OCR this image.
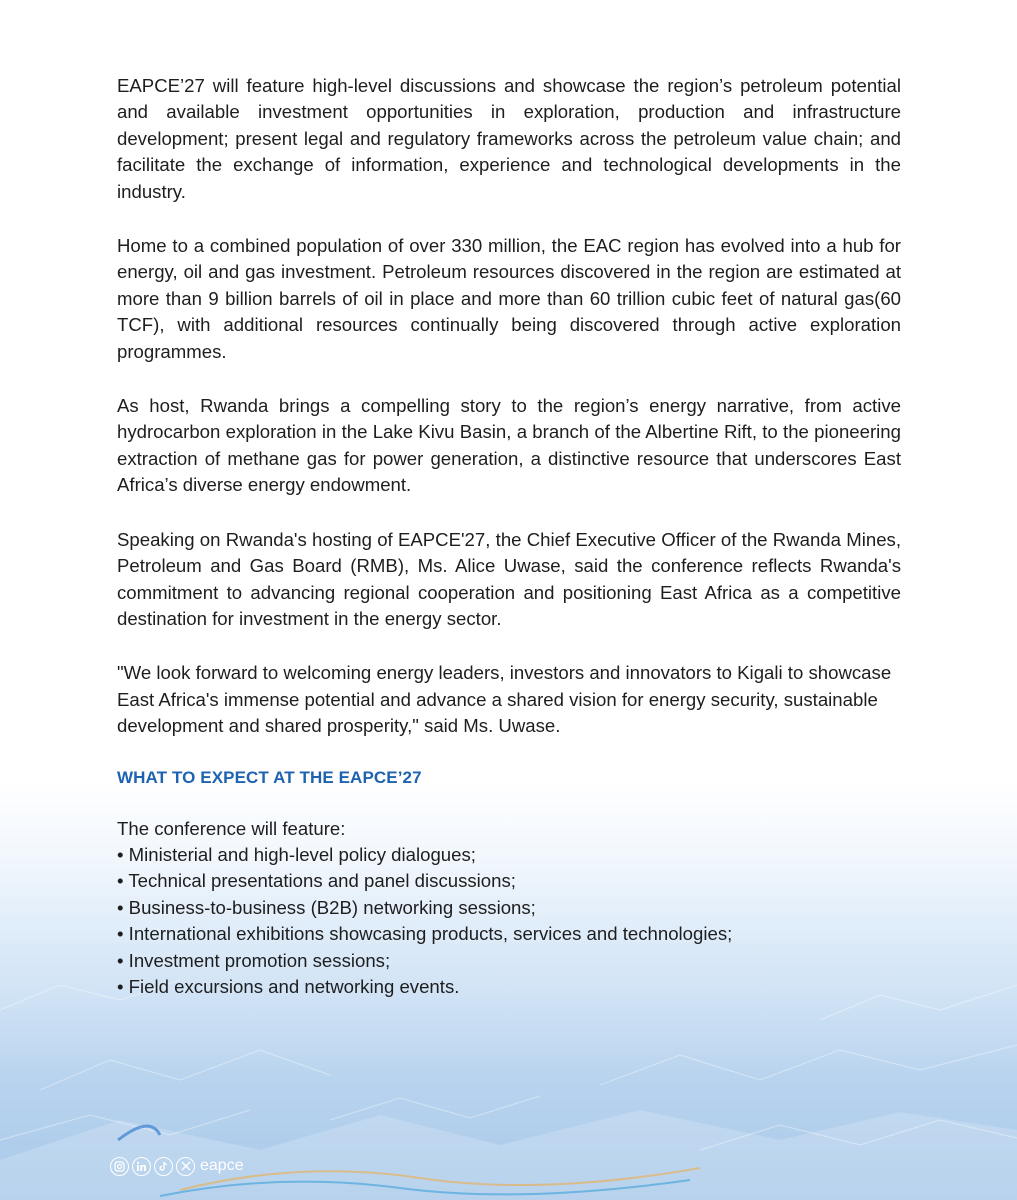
EAPCE’27 will feature high-level discussions and showcase the region’s petroleum potential and available investment opportunities in exploration, production and infrastructure development; present legal and regulatory frameworks across the petroleum value chain; and facilitate the exchange of information, experience and technological developments in the industry.

Home to a combined population of over 330 million, the EAC region has evolved into a hub for energy, oil and gas investment. Petroleum resources discovered in the region are estimated at more than 9 billion barrels of oil in place and more than 60 trillion cubic feet of natural gas(60 TCF), with additional resources continually being discovered through active exploration programmes.

As host, Rwanda brings a compelling story to the region’s energy narrative, from active hydrocarbon exploration in the Lake Kivu Basin, a branch of the Albertine Rift, to the pioneering extraction of methane gas for power generation, a distinctive resource that underscores East Africa’s diverse energy endowment.

Speaking on Rwanda's hosting of EAPCE'27, the Chief Executive Officer of the Rwanda Mines, Petroleum and Gas Board (RMB), Ms. Alice Uwase, said the conference reflects Rwanda's commitment to advancing regional cooperation and positioning East Africa as a competitive destination for investment in the energy sector.

"We look forward to welcoming energy leaders, investors and innovators to Kigali to showcase East Africa's immense potential and advance a shared vision for energy security, sustainable development and shared prosperity," said Ms. Uwase.

WHAT TO EXPECT AT THE EAPCE’27

The conference will feature:

• Ministerial and high-level policy dialogues;
• Technical presentations and panel discussions;
• Business-to-business (B2B) networking sessions;
• International exhibitions showcasing products, services and technologies;
• Investment promotion sessions;
• Field excursions and networking events.
eapce
